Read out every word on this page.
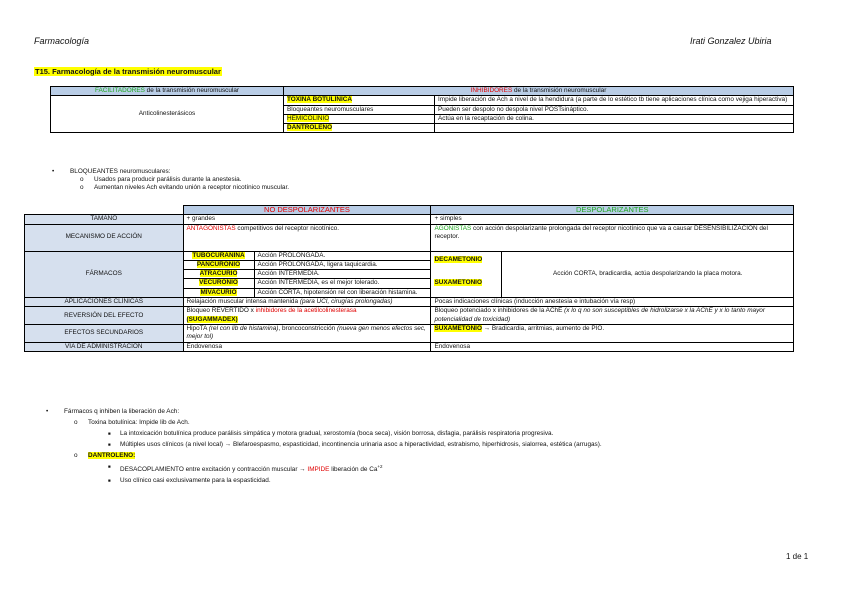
Farmacología	Irati Gonzalez Ubiria
T15. Farmacología de la transmisión neuromuscular
FACILITADORES de la transmisión neuromuscular	INHIBIDORES de la transmisión neuromuscular	
Anticolinesterásicos	TOXINA BOTULÍNICA	Impide liberación de Ach a nivel de la hendidura (a parte de lo estético tb tiene aplicaciones clínica como vejiga hiperactiva)
	Bloqueantes neuromusculares	Pueden ser despolo no despola nivel POSTsináptico.
	HEMICOLINIO	Actúa en la recaptación de colina.
	DANTROLENO	
• BLOQUEANTES neuromusculares:
o Usados para producir parálisis durante la anestesia.
o Aumentan niveles Ach evitando unión a receptor nicotínico muscular.
	NO DESPOLARIZANTES		DESPOLARIZANTES	
TAMAÑO	+ grandes		+ simples	
MECANISMO DE ACCIÓN	ANTAGONISTAS competitivos del receptor nicotínico.		AGONISTAS con acción despolarizante prolongada del receptor nicotínico que va a causar DESENSIBILIZACIÓN del receptor.	
FÁRMACOS	TUBOCURANINA	Acción PROLONGADA.	DECAMETONIO	Acción CORTA, bradicardia, actúa despolarizando la placa motora.
	PANCURONIO	Acción PROLONGADA, ligera taquicardia.		
	ATRACURIO	Acción INTERMEDIA.	SUXAMETONIO	
	VECURONIO	Acción INTERMEDIA, es el mejor tolerado.		
	MIVACURIO	Acción CORTA, hipotensión rel con liberación histamina.		
APLICACIONES CLÍNICAS	Relajación muscular intensa mantenida (para UCI, cirugías prolongadas)		Pocas indicaciones clínicas (inducción anestesia e intubación vía resp)	
REVERSIÓN DEL EFECTO	Bloqueo REVERTIDO x inhibidores de la acetilcolinesterasa
(SUGAMMADEX)		Bloqueo potenciado x inhibidores de la AChE (x lo q no son susceptibles de hidrolizarse x la AChE y x lo tanto mayor potencialidad de toxicidad)	
EFECTOS SECUNDARIOS	HipoTA (rel con lib de histamina), broncoconstricción (nueva gen menos efectos sec, mejor tol)		SUXAMETONIO → Bradicardia, arritmias, aumento de PIO.	
VÍA DE ADMINISTRACIÓN	Endovenosa		Endovenosa	
• Fármacos q inhiben la liberación de Ach:
o Toxina botulínica: Impide lib de Ach.
■ La intoxicación botulínica produce parálisis simpática y motora gradual, xerostomía (boca seca), visión borrosa, disfagia, parálisis respiratoria progresiva.
■ Múltiples usos clínicos (a nivel local) → Blefaroespasmo, espasticidad, incontinencia urinaria asoc a hiperactividad, estrabismo, hiperhidrosis, sialorrea, estética (arrugas).
o DANTROLENO:
■ DESACOPLAMIENTO entre excitación y contracción muscular → IMPIDE liberación de $Ca^{+2}$
■ Uso clínico casi exclusivamente para la espasticidad.
1 de 1
